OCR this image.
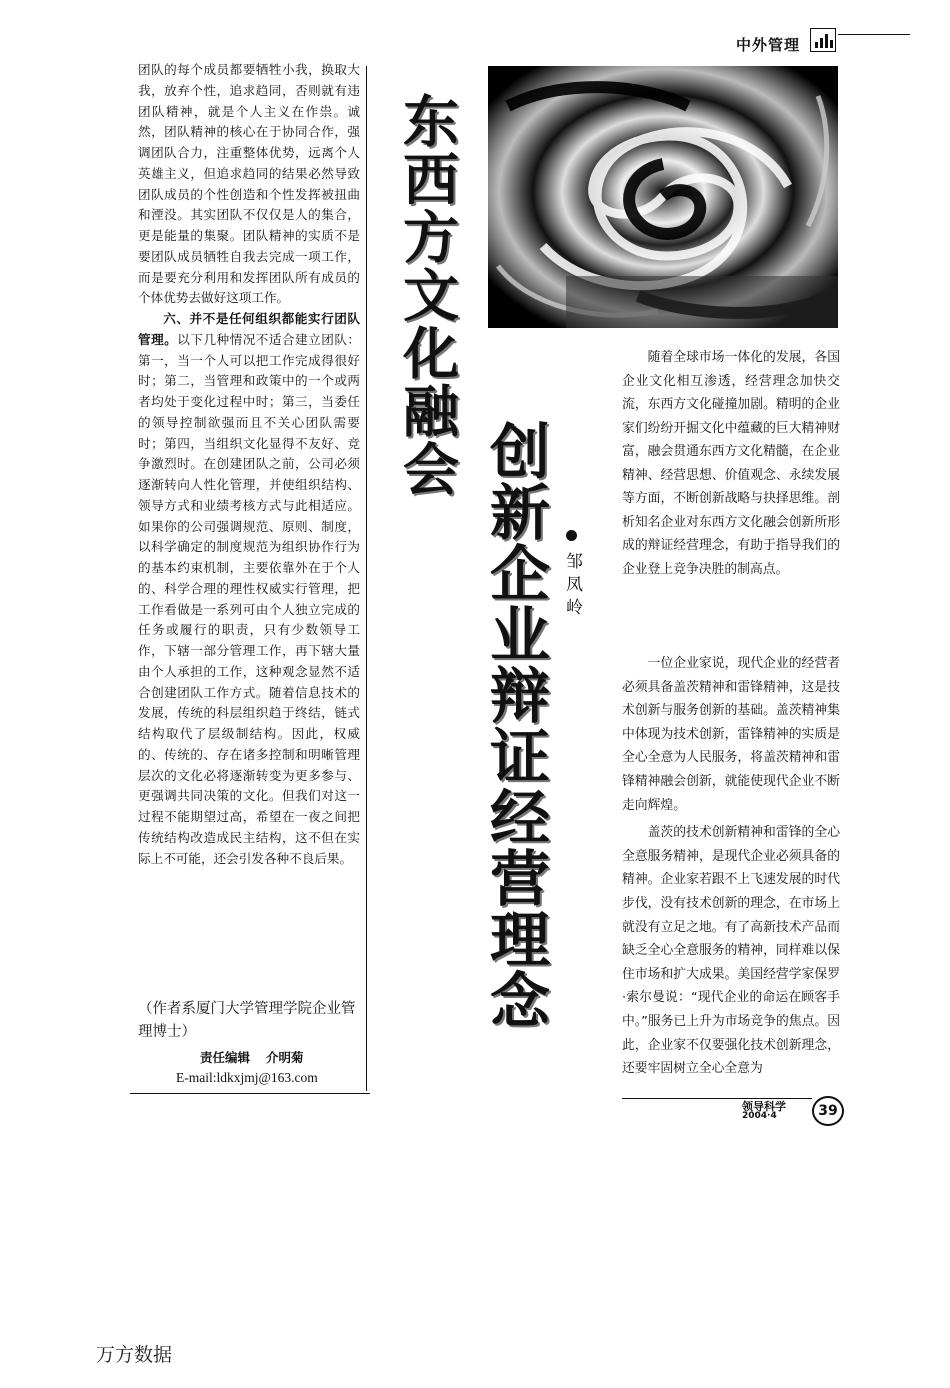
中外管理

团队的每个成员都要牺牲小我，换取大我，放弃个性，追求趋同，否则就有违团队精神，就是个人主义在作祟。诚然，团队精神的核心在于协同合作，强调团队合力，注重整体优势，远离个人英雄主义，但追求趋同的结果必然导致团队成员的个性创造和个性发挥被扭曲和湮没。其实团队不仅仅是人的集合，更是能量的集聚。团队精神的实质不是要团队成员牺牲自我去完成一项工作，而是要充分利用和发挥团队所有成员的个体优势去做好这项工作。

六、并不是任何组织都能实行团队管理。以下几种情况不适合建立团队：第一，当一个人可以把工作完成得很好时；第二，当管理和政策中的一个或两者均处于变化过程中时；第三，当委任的领导控制欲强而且不关心团队需要时；第四，当组织文化显得不友好、竞争激烈时。在创建团队之前，公司必须逐渐转向人性化管理，并使组织结构、领导方式和业绩考核方式与此相适应。如果你的公司强调规范、原则、制度，以科学确定的制度规范为组织协作行为的基本约束机制，主要依靠外在于个人的、科学合理的理性权威实行管理，把工作看做是一系列可由个人独立完成的任务或履行的职责，只有少数领导工作，下辖一部分管理工作，再下辖大量由个人承担的工作，这种观念显然不适合创建团队工作方式。随着信息技术的发展，传统的科层组织趋于终结，链式结构取代了层级制结构。因此，权威的、传统的、存在诸多控制和明晰管理层次的文化必将逐渐转变为更多参与、更强调共同决策的文化。但我们对这一过程不能期望过高，希望在一夜之间把传统结构改造成民主结构，这不但在实际上不可能，还会引发各种不良后果。

（作者系厦门大学管理学院企业管理博士）
责任编辑 介明菊
E-mail:ldkxjmj@163.com
东西方文化融会
创新企业辩证经营理念 邹凤岭

随着全球市场一体化的发展，各国企业文化相互渗透，经营理念加快交流，东西方文化碰撞加剧。精明的企业家们纷纷开掘文化中蕴藏的巨大精神财富，融会贯通东西方文化精髓，在企业精神、经营思想、价值观念、永续发展等方面，不断创新战略与抉择思维。剖析知名企业对东西方文化融会创新所形成的辩证经营理念，有助于指导我们的企业登上竞争决胜的制高点。

一位企业家说，现代企业的经营者必须具备盖茨精神和雷锋精神，这是技术创新与服务创新的基础。盖茨精神集中体现为技术创新，雷锋精神的实质是全心全意为人民服务，将盖茨精神和雷锋精神融会创新，就能使现代企业不断走向辉煌。

盖茨的技术创新精神和雷锋的全心全意服务精神，是现代企业必须具备的精神。企业家若跟不上飞速发展的时代步伐，没有技术创新的理念，在市场上就没有立足之地。有了高新技术产品而缺乏全心全意服务的精神，同样难以保住市场和扩大成果。美国经营学家保罗·索尔曼说：“现代企业的命运在顾客手中。”服务已上升为市场竞争的焦点。因此，企业家不仅要强化技术创新理念，还要牢固树立全心全意为

领导科学
2004·4	39
万方数据
